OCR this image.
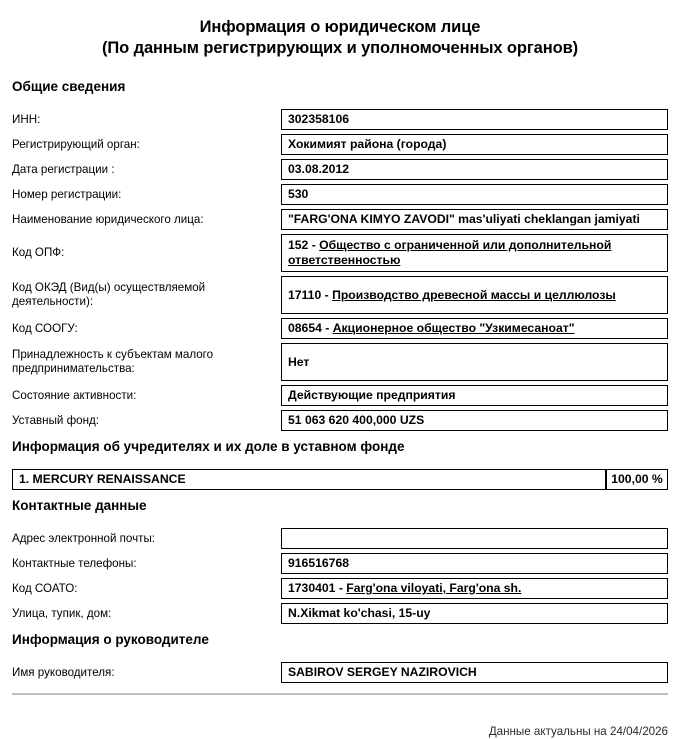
Информация о юридическом лице
(По данным регистрирующих и уполномоченных органов)
Общие сведения
ИНН:	302358106
Регистрирующий орган:	Хокимият района (города)
Дата регистрации :	03.08.2012
Номер регистрации:	530
Наименование юридического лица:	"FARG'ONA KIMYO ZAVODI" mas'uliyati cheklangan jamiyati
Код ОПФ:
152 - Общество с ограниченной или дополнительной ответственностью
Код ОКЭД (Вид(ы) осуществляемой деятельности):	17110 - Производство древесной массы и целлюлозы
Код СООГУ:	08654 - Акционерное общество "Узкимесаноат"
Принадлежность к субъектам малого предпринимательства:	Нет
Состояние активности:	Действующие предприятия
Уставный фонд:	51 063 620 400,000 UZS
Информация об учредителях и их доле в уставном фонде
1. MERCURY RENAISSANCE	100,00 %
Контактные данные
Адрес электронной почты:
Контактные телефоны:	916516768
Код СОАТО:	1730401 - Farg'ona viloyati, Farg'ona sh.
Улица, тупик, дом:	N.Xikmat ko'chasi, 15-uy
Информация о руководителе
Имя руководителя:	SABIROV SERGEY NAZIROVICH
Данные актуальны на 24/04/2026
